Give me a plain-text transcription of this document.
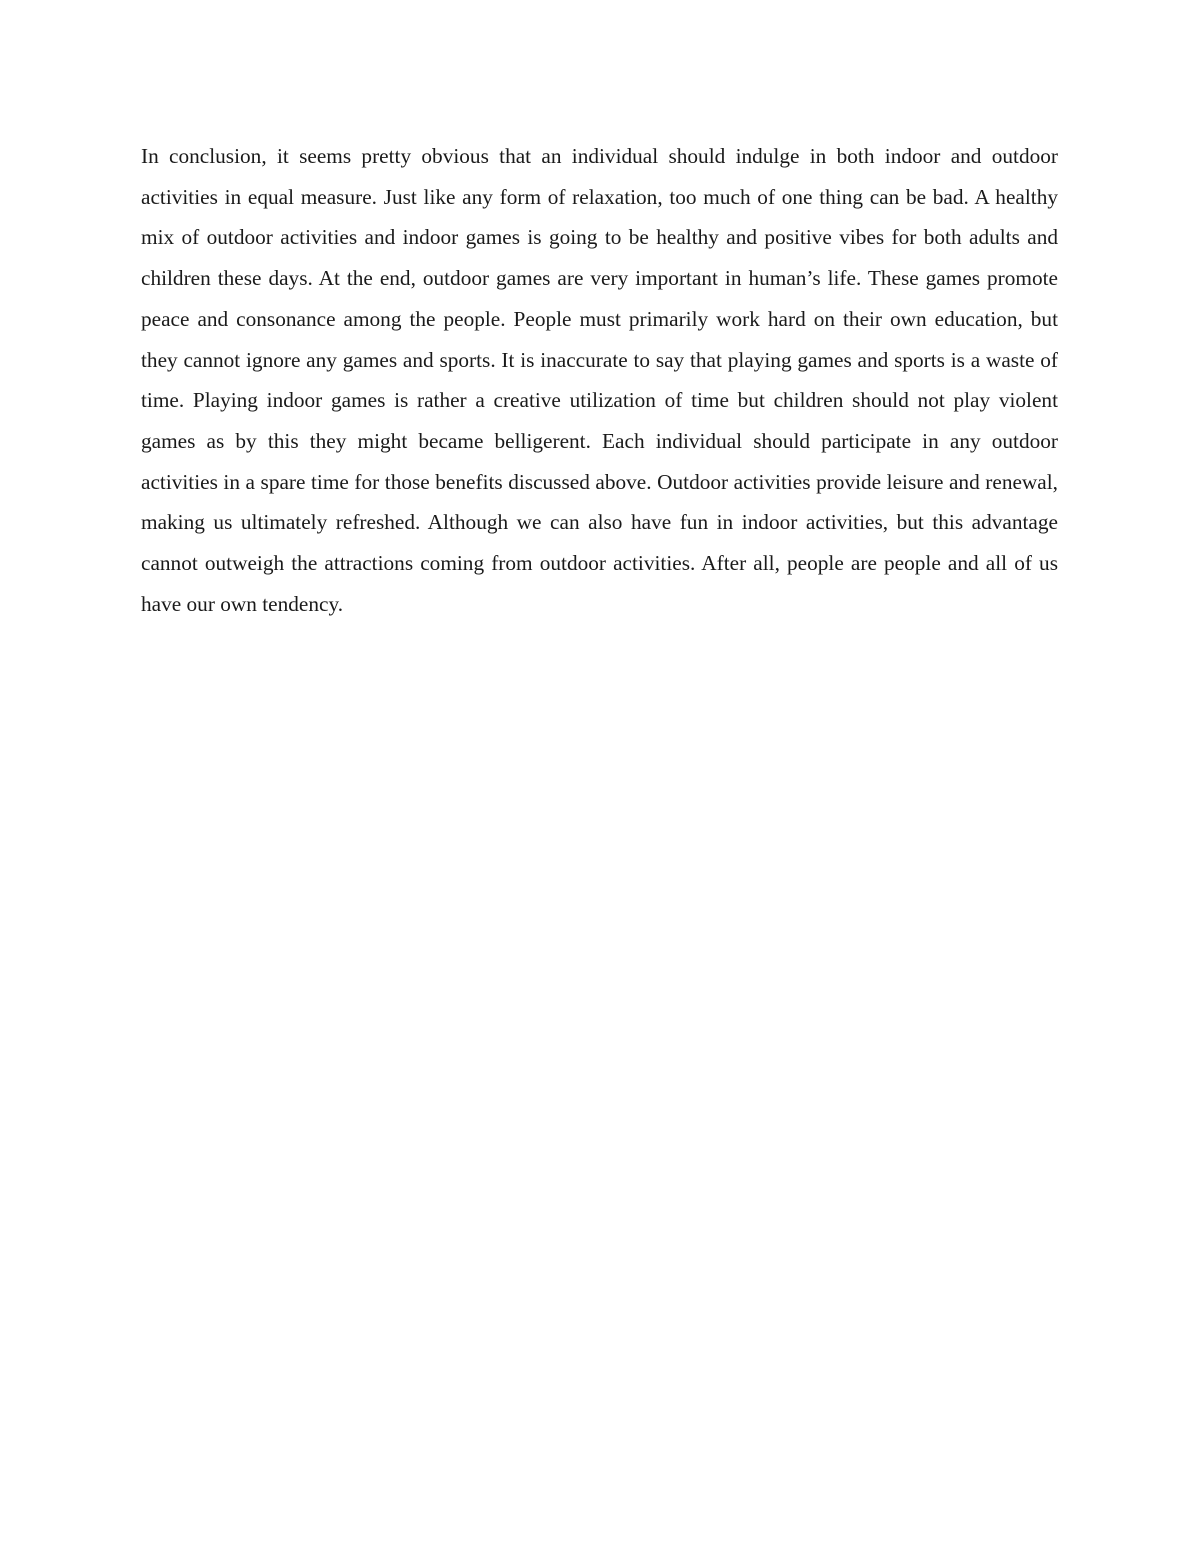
In conclusion, it seems pretty obvious that an individual should indulge in both indoor and outdoor activities in equal measure. Just like any form of relaxation, too much of one thing can be bad. A healthy mix of outdoor activities and indoor games is going to be healthy and positive vibes for both adults and children these days. At the end, outdoor games are very important in human’s life. These games promote peace and consonance among the people. People must primarily work hard on their own education, but they cannot ignore any games and sports. It is inaccurate to say that playing games and sports is a waste of time. Playing indoor games is rather a creative utilization of time but children should not play violent games as by this they might became belligerent. Each individual should participate in any outdoor activities in a spare time for those benefits discussed above. Outdoor activities provide leisure and renewal, making us ultimately refreshed. Although we can also have fun in indoor activities, but this advantage cannot outweigh the attractions coming from outdoor activities. After all, people are people and all of us have our own tendency.
